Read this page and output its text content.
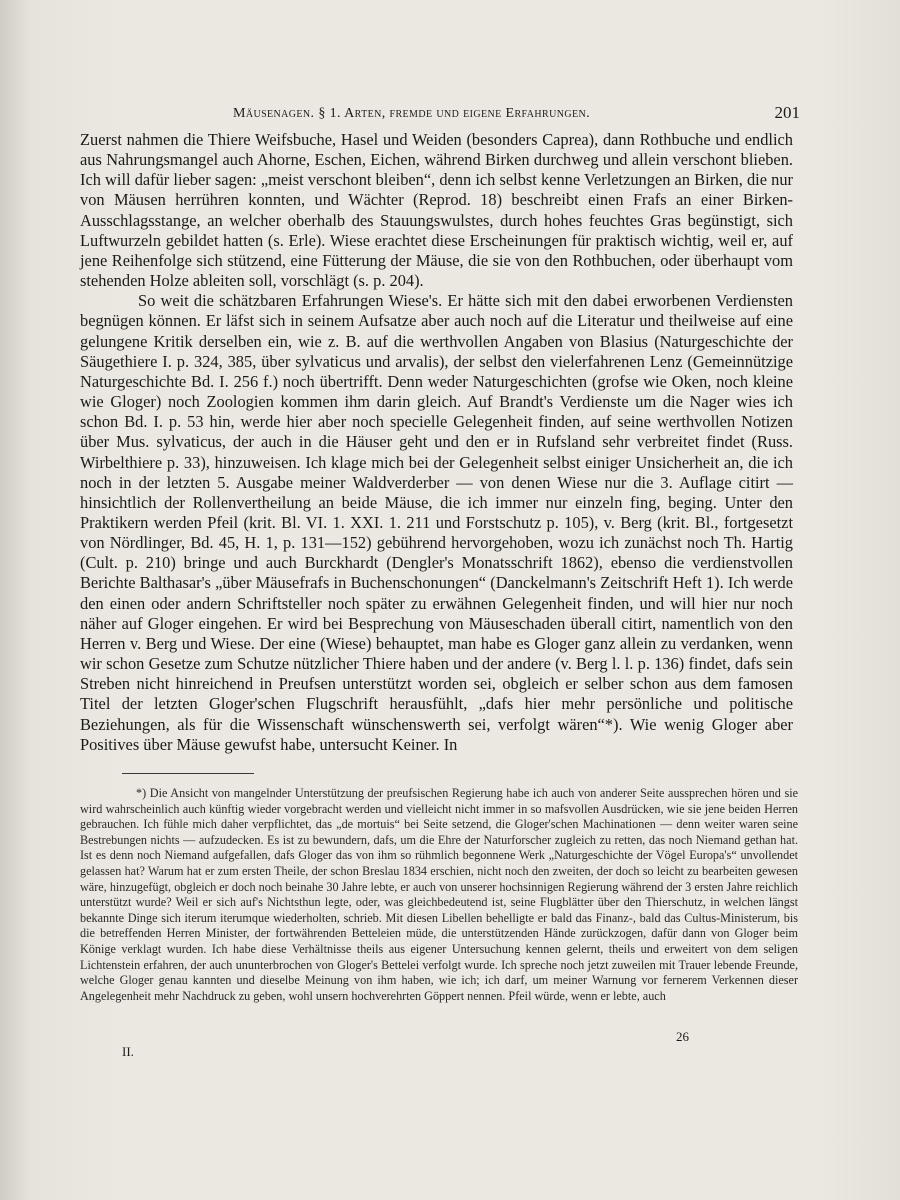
Mäusenagen. § 1. Arten, fremde und eigene Erfahrungen.	201

Zuerst nahmen die Thiere Weifsbuche, Hasel und Weiden (besonders Caprea), dann Rothbuche und endlich aus Nahrungsmangel auch Ahorne, Eschen, Eichen, während Birken durchweg und allein verschont blieben. Ich will dafür lieber sagen: „meist verschont bleiben“, denn ich selbst kenne Verletzungen an Birken, die nur von Mäusen herrühren konnten, und Wächter (Reprod. 18) beschreibt einen Frafs an einer Birken-Ausschlagsstange, an welcher oberhalb des Stauungswulstes, durch hohes feuchtes Gras begünstigt, sich Luftwurzeln gebildet hatten (s. Erle). Wiese erachtet diese Erscheinungen für praktisch wichtig, weil er, auf jene Reihenfolge sich stützend, eine Fütterung der Mäuse, die sie von den Rothbuchen, oder überhaupt vom stehenden Holze ableiten soll, vorschlägt (s. p. 204).

So weit die schätzbaren Erfahrungen Wiese's. Er hätte sich mit den dabei erworbenen Verdiensten begnügen können. Er läfst sich in seinem Aufsatze aber auch noch auf die Literatur und theilweise auf eine gelungene Kritik derselben ein, wie z. B. auf die werthvollen Angaben von Blasius (Naturgeschichte der Säugethiere I. p. 324, 385, über sylvaticus und arvalis), der selbst den vielerfahrenen Lenz (Gemeinnützige Naturgeschichte Bd. I. 256 f.) noch übertrifft. Denn weder Naturgeschichten (grofse wie Oken, noch kleine wie Gloger) noch Zoologien kommen ihm darin gleich. Auf Brandt's Verdienste um die Nager wies ich schon Bd. I. p. 53 hin, werde hier aber noch specielle Gelegenheit finden, auf seine werthvollen Notizen über Mus. sylvaticus, der auch in die Häuser geht und den er in Rufsland sehr verbreitet findet (Russ. Wirbelthiere p. 33), hinzuweisen. Ich klage mich bei der Gelegenheit selbst einiger Unsicherheit an, die ich noch in der letzten 5. Ausgabe meiner Waldverderber — von denen Wiese nur die 3. Auflage citirt — hinsichtlich der Rollenvertheilung an beide Mäuse, die ich immer nur einzeln fing, beging. Unter den Praktikern werden Pfeil (krit. Bl. VI. 1. XXI. 1. 211 und Forstschutz p. 105), v. Berg (krit. Bl., fortgesetzt von Nördlinger, Bd. 45, H. 1, p. 131—152) gebührend hervorgehoben, wozu ich zunächst noch Th. Hartig (Cult. p. 210) bringe und auch Burckhardt (Dengler's Monatsschrift 1862), ebenso die verdienstvollen Berichte Balthasar's „über Mäusefrafs in Buchenschonungen“ (Danckelmann's Zeitschrift Heft 1). Ich werde den einen oder andern Schriftsteller noch später zu erwähnen Gelegenheit finden, und will hier nur noch näher auf Gloger eingehen. Er wird bei Besprechung von Mäuseschaden überall citirt, namentlich von den Herren v. Berg und Wiese. Der eine (Wiese) behauptet, man habe es Gloger ganz allein zu verdanken, wenn wir schon Gesetze zum Schutze nützlicher Thiere haben und der andere (v. Berg l. l. p. 136) findet, dafs sein Streben nicht hinreichend in Preufsen unterstützt worden sei, obgleich er selber schon aus dem famosen Titel der letzten Gloger'schen Flugschrift herausfühlt, „dafs hier mehr persönliche und politische Beziehungen, als für die Wissenschaft wünschenswerth sei, verfolgt wären“*). Wie wenig Gloger aber Positives über Mäuse gewufst habe, untersucht Keiner. In

*) Die Ansicht von mangelnder Unterstützung der preufsischen Regierung habe ich auch von anderer Seite aussprechen hören und sie wird wahrscheinlich auch künftig wieder vorgebracht werden und vielleicht nicht immer in so mafsvollen Ausdrücken, wie sie jene beiden Herren gebrauchen. Ich fühle mich daher verpflichtet, das „de mortuis“ bei Seite setzend, die Gloger'schen Machinationen — denn weiter waren seine Bestrebungen nichts — aufzudecken. Es ist zu bewundern, dafs, um die Ehre der Naturforscher zugleich zu retten, das noch Niemand gethan hat. Ist es denn noch Niemand aufgefallen, dafs Gloger das von ihm so rühmlich begonnene Werk „Naturgeschichte der Vögel Europa's“ unvollendet gelassen hat? Warum hat er zum ersten Theile, der schon Breslau 1834 erschien, nicht noch den zweiten, der doch so leicht zu bearbeiten gewesen wäre, hinzugefügt, obgleich er doch noch beinahe 30 Jahre lebte, er auch von unserer hochsinnigen Regierung während der 3 ersten Jahre reichlich unterstützt wurde? Weil er sich auf's Nichtsthun legte, oder, was gleichbedeutend ist, seine Flugblätter über den Thierschutz, in welchen längst bekannte Dinge sich iterum iterumque wiederholten, schrieb. Mit diesen Libellen behelligte er bald das Finanz-, bald das Cultus-Ministerum, bis die betreffenden Herren Minister, der fortwährenden Betteleien müde, die unterstützenden Hände zurückzogen, dafür dann von Gloger beim Könige verklagt wurden. Ich habe diese Verhältnisse theils aus eigener Untersuchung kennen gelernt, theils und erweitert von dem seligen Lichtenstein erfahren, der auch ununterbrochen von Gloger's Bettelei verfolgt wurde. Ich spreche noch jetzt zuweilen mit Trauer lebende Freunde, welche Gloger genau kannten und dieselbe Meinung von ihm haben, wie ich; ich darf, um meiner Warnung vor fernerem Verkennen dieser Angelegenheit mehr Nachdruck zu geben, wohl unsern hochverehrten Göppert nennen. Pfeil würde, wenn er lebte, auch

II.
26
